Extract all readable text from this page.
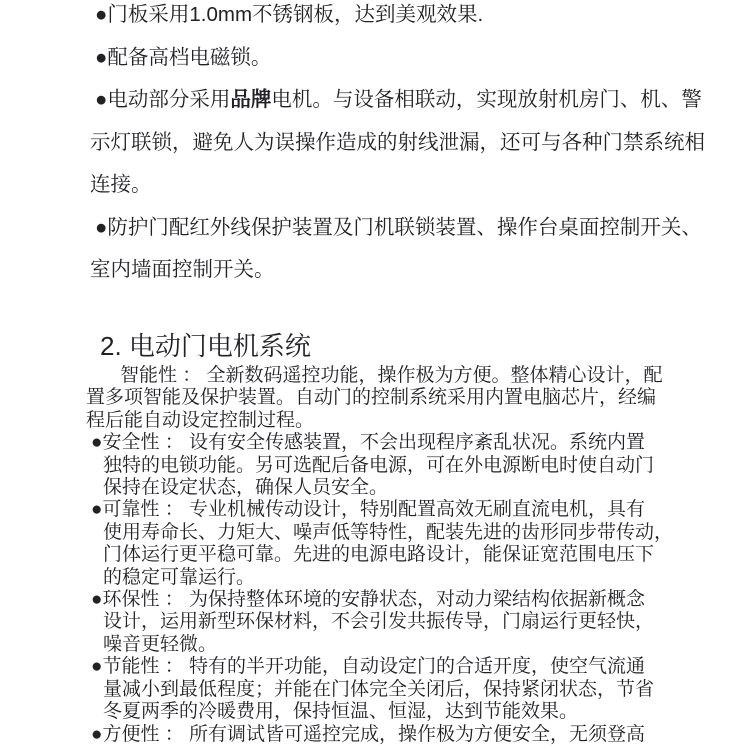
●门板采用1.0mm不锈钢板，达到美观效果.
●配备高档电磁锁。
●电动部分采用品牌电机。与设备相联动，实现放射机房门、机、警
示灯联锁，避免人为误操作造成的射线泄漏，还可与各种门禁系统相
连接。
●防护门配红外线保护装置及门机联锁装置、操作台桌面控制开关、
室内墙面控制开关。
2. 电动门电机系统
智能性 ： 全新数码遥控功能，操作极为方便。整体精心设计，配
置多项智能及保护装置。自动门的控制系统采用内置电脑芯片，经编
程后能自动设定控制过程。
●安全性 ： 设有安全传感装置，不会出现程序紊乱状况。系统内置
独特的电锁功能。另可选配后备电源，可在外电源断电时使自动门
保持在设定状态，确保人员安全。
●可靠性 ： 专业机械传动设计，特别配置高效无刷直流电机，具有
使用寿命长、力矩大、噪声低等特性，配装先进的齿形同步带传动，
门体运行更平稳可靠。先进的电源电路设计，能保证宽范围电压下
的稳定可靠运行。
●环保性 ： 为保持整体环境的安静状态，对动力梁结构依据新概念
设计，运用新型环保材料，不会引发共振传导，门扇运行更轻快，
噪音更轻微。
●节能性 ： 特有的半开功能，自动设定门的合适开度，使空气流通
量减小到最低程度；并能在门体完全关闭后，保持紧闭状态，节省
冬夏两季的冷暖费用，保持恒温、恒湿，达到节能效果。
●方便性 ： 所有调试皆可遥控完成，操作极为方便安全，无须登高
